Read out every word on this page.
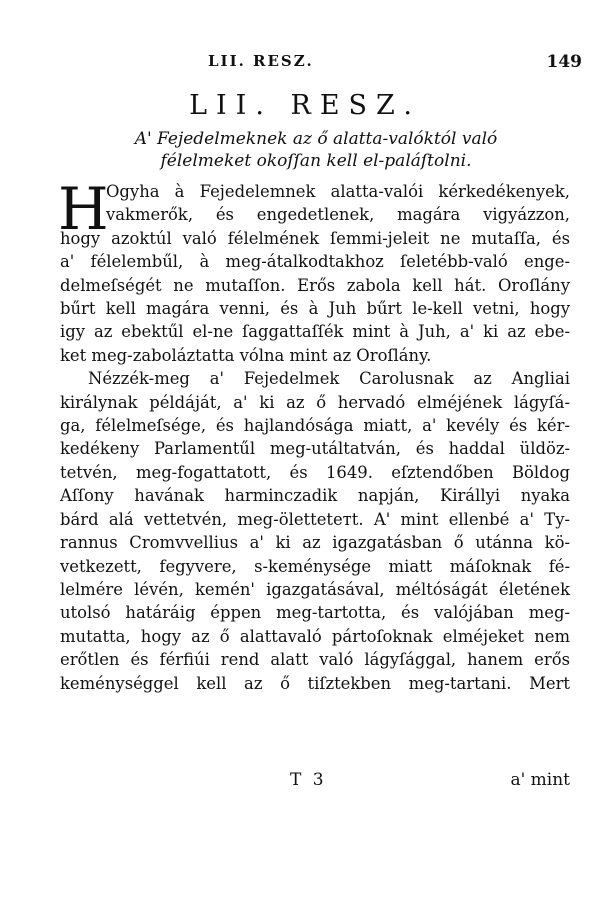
LII. RESZ.	149
LII. RESZ.
A' Fejedelmeknek az ő alatta-valóktól való félelmeket okoſſan kell el-paláſtolni.
H
Ogyha à Fejedelemnek alatta-valói kérkedékenyek,
vakmerők, és engedetlenek, magára vigyázzon,
hogy azoktúl való félelmének ſemmi-jeleit ne mutaſſa, és
a' félelembűl, à meg-átalkodtakhoz ſeletébb-való enge-
delmeſségét ne mutaſſon. Erős zabola kell hát. Oroſlány
bűrt kell magára venni, és à Juh bűrt le-kell vetni, hogy
igy az ebektűl el-ne ſaggattaſſék mint à Juh, a' ki az ebe-
ket meg-zaboláztatta vólna mint az Oroſlány.
Nézzék-meg a' Fejedelmek Carolusnak az Angliai
királynak példáját, a' ki az ő hervadó elméjének lágyſá-
ga, félelmeſsége, és hajlandósága miatt, a' kevély és kér-
kedékeny Parlamentűl meg-utáltatván, és haddal üldöz-
tetvén, meg-fogattatott, és 1649. eſztendőben Böldog
Aſſony havának harminczadik napján, Királlyi nyaka
bárd alá vettetvén, meg-öletteteтt. A' mint ellenbé a' Ty-
rannus Cromvvellius a' ki az igazgatásban ő utánna kö-
vetkezett, fegyvere, s-keménysége miatt máſoknak fé-
lelmére lévén, kemén' igazgatásával, méltóságát életének
utolsó határáig éppen meg-tartotta, és valójában meg-
mutatta, hogy az ő alattavaló pártoſoknak elméjeket nem
erőtlen és férfiúi rend alatt való lágyſággal, hanem erős
keménységgel kell az ő tiſztekben meg-tartani. Mert
T 3	a' mint
